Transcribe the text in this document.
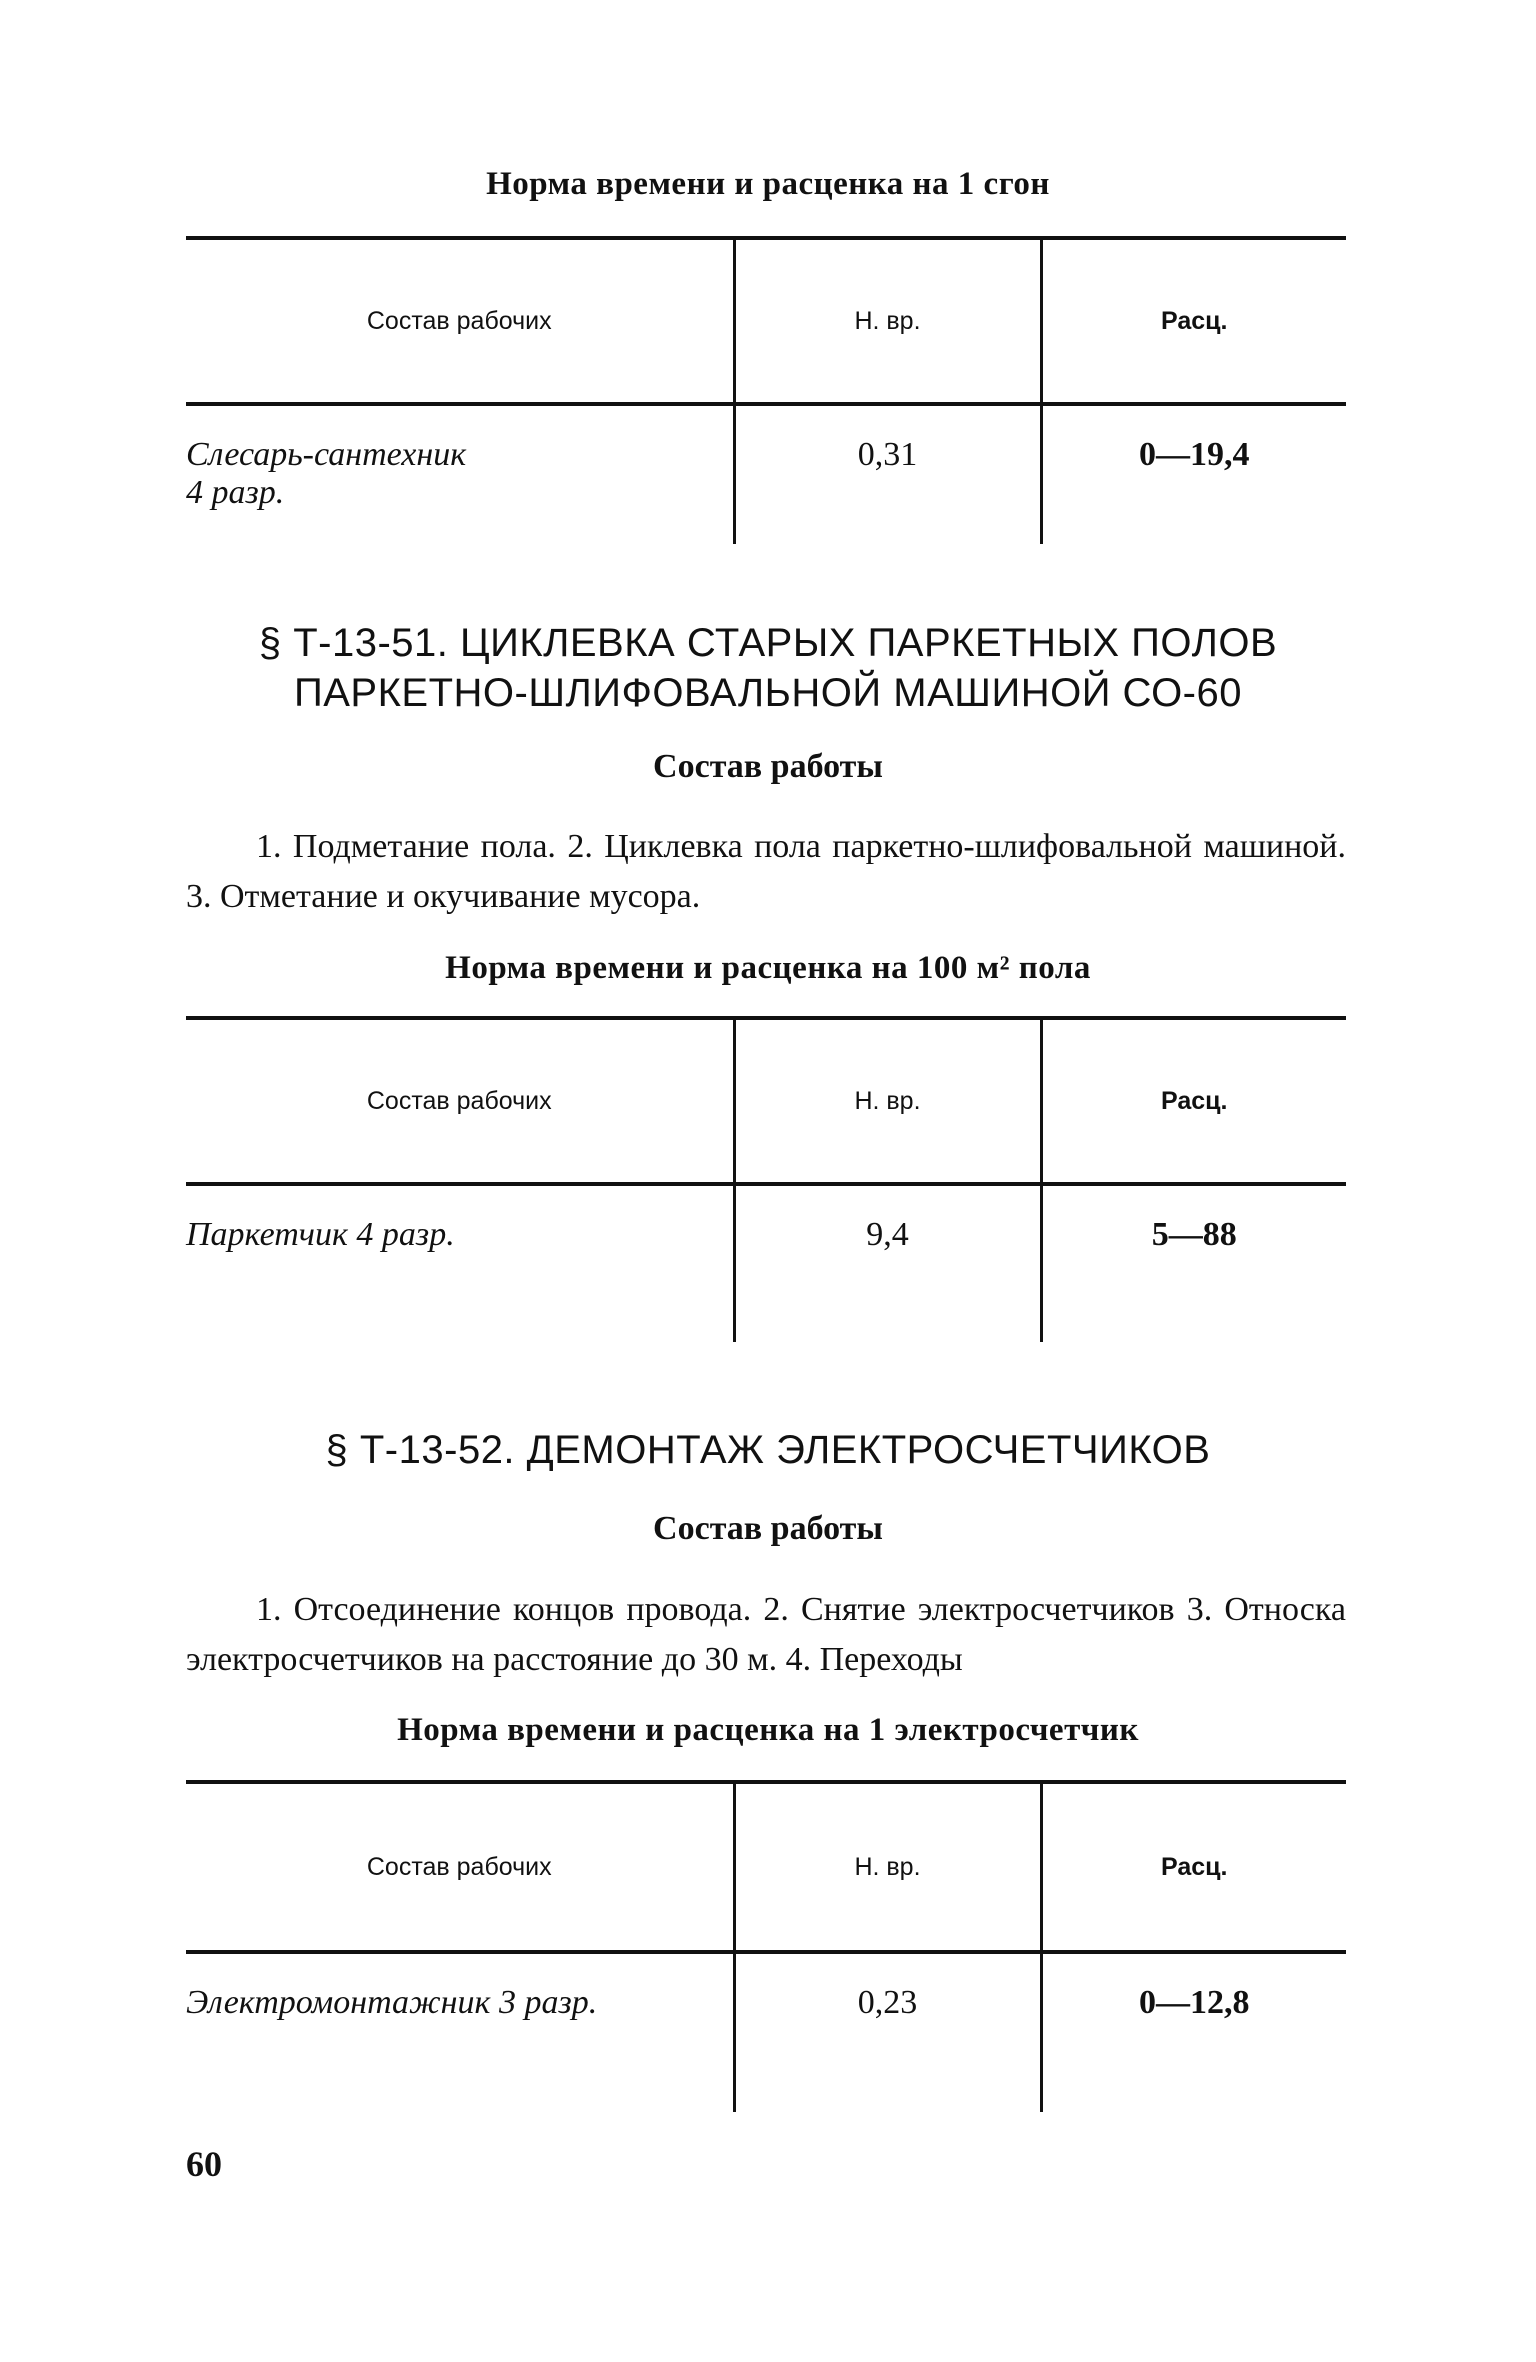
Норма времени и расценка на 1 сгон
Состав рабочих	Н. вр.	Расц.
Слесарь-сантехник
4 разр.	0,31	0—19,4
§ Т-13-51. ЦИКЛЕВКА СТАРЫХ ПАРКЕТНЫХ ПОЛОВ
ПАРКЕТНО-ШЛИФОВАЛЬНОЙ МАШИНОЙ СО-60
Состав работы
1. Подметание пола. 2. Циклевка пола паркетно-шлифовальной машиной. 3. Отметание и окучивание мусора.
Норма времени и расценка на 100 м² пола
Состав рабочих	Н. вр.	Расц.
Паркетчик 4 разр.	9,4	5—88
§ Т-13-52. ДЕМОНТАЖ ЭЛЕКТРОСЧЕТЧИКОВ
Состав работы
1. Отсоединение концов провода. 2. Снятие электросчетчиков 3. Относка электросчетчиков на расстояние до 30 м. 4. Переходы
Норма времени и расценка на 1 электросчетчик
Состав рабочих	Н. вр.	Расц.
Электромонтажник 3 разр.	0,23	0—12,8
60
